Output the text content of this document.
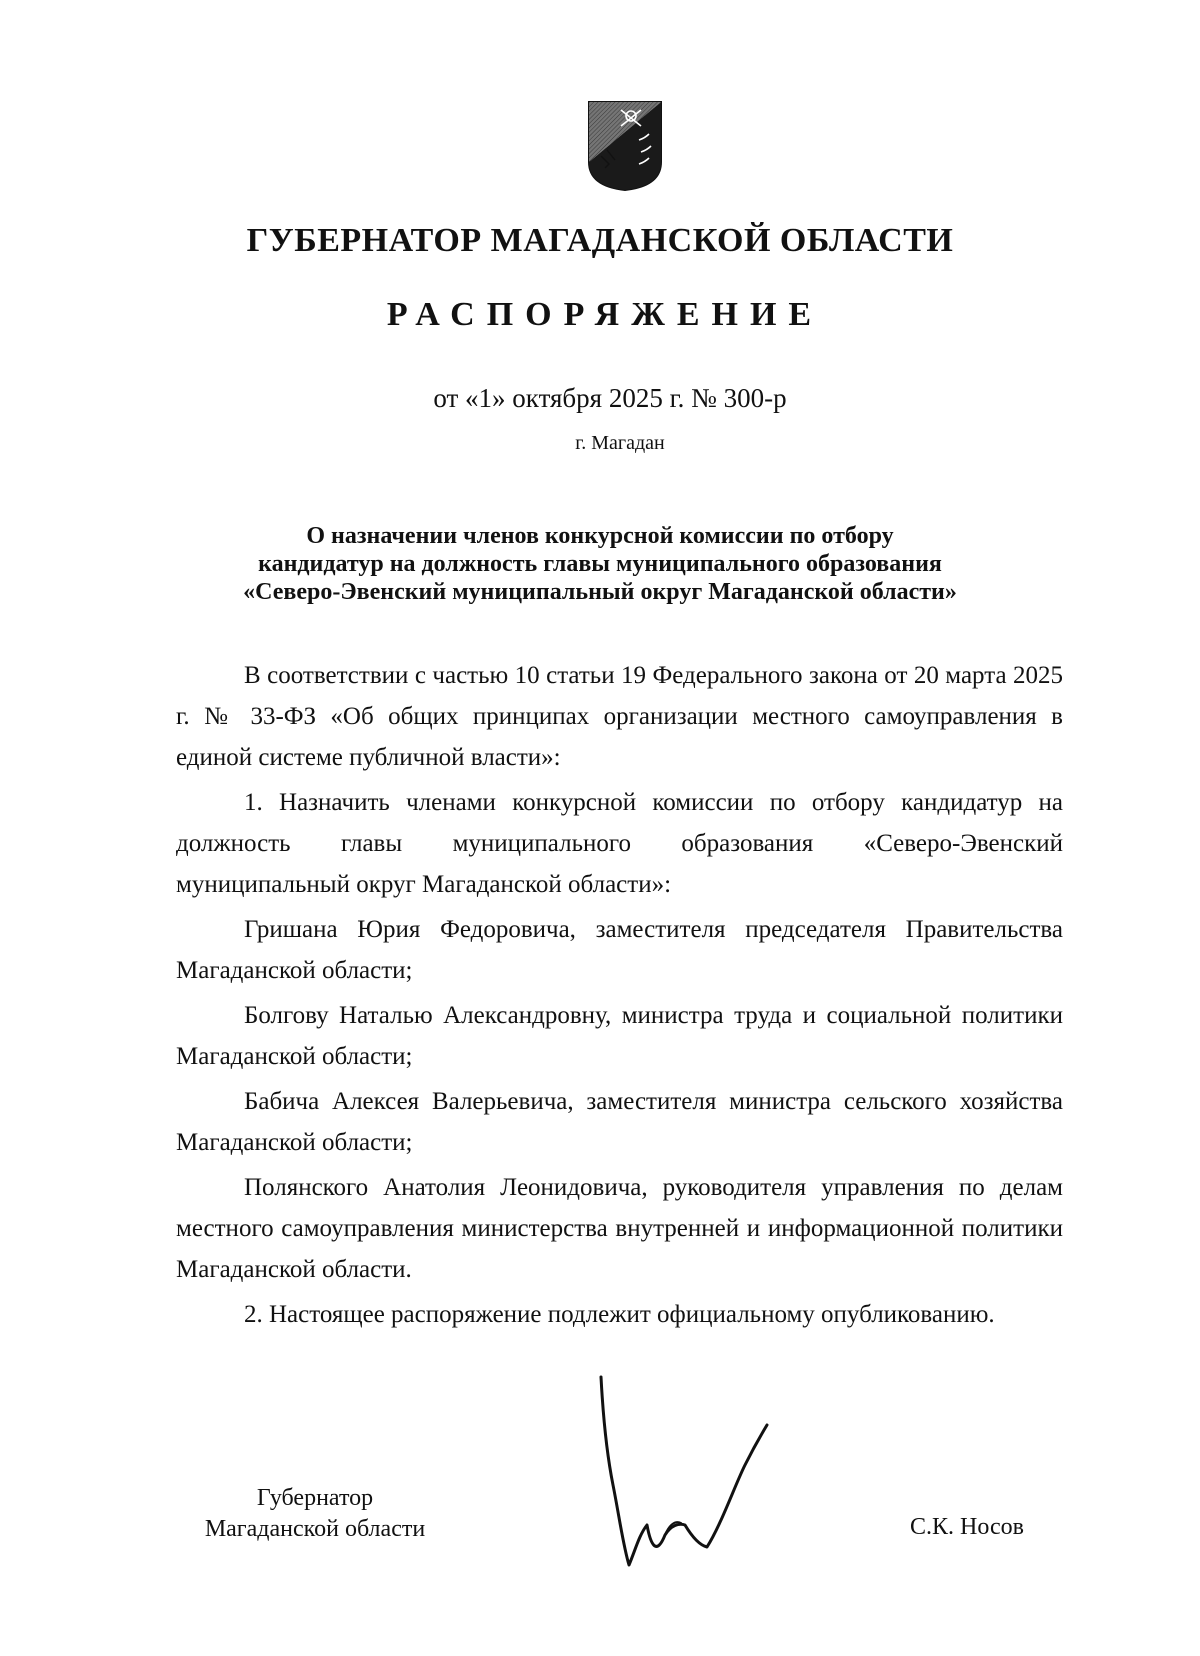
ГУБЕРНАТОР МАГАДАНСКОЙ ОБЛАСТИ
РАСПОРЯЖЕНИЕ
от «1» октября 2025 г. № 300-р
г. Магадан
О назначении членов конкурсной комиссии по отбору
кандидатур на должность главы муниципального образования
«Северо-Эвенский муниципальный округ Магаданской области»

В соответствии с частью 10 статьи 19 Федерального закона от 20 марта 2025 г. № 33-ФЗ «Об общих принципах организации местного самоуправления в единой системе публичной власти»:

1. Назначить членами конкурсной комиссии по отбору кандидатур на должность главы муниципального образования «Северо-Эвенский муниципальный округ Магаданской области»:

Гришана Юрия Федоровича, заместителя председателя Правительства Магаданской области;

Болгову Наталью Александровну, министра труда и социальной политики Магаданской области;

Бабича Алексея Валерьевича, заместителя министра сельского хозяйства Магаданской области;

Полянского Анатолия Леонидовича, руководителя управления по делам местного самоуправления министерства внутренней и информационной политики Магаданской области.

2. Настоящее распоряжение подлежит официальному опубликованию.

Губернатор
Магаданской области	С.К. Носов
